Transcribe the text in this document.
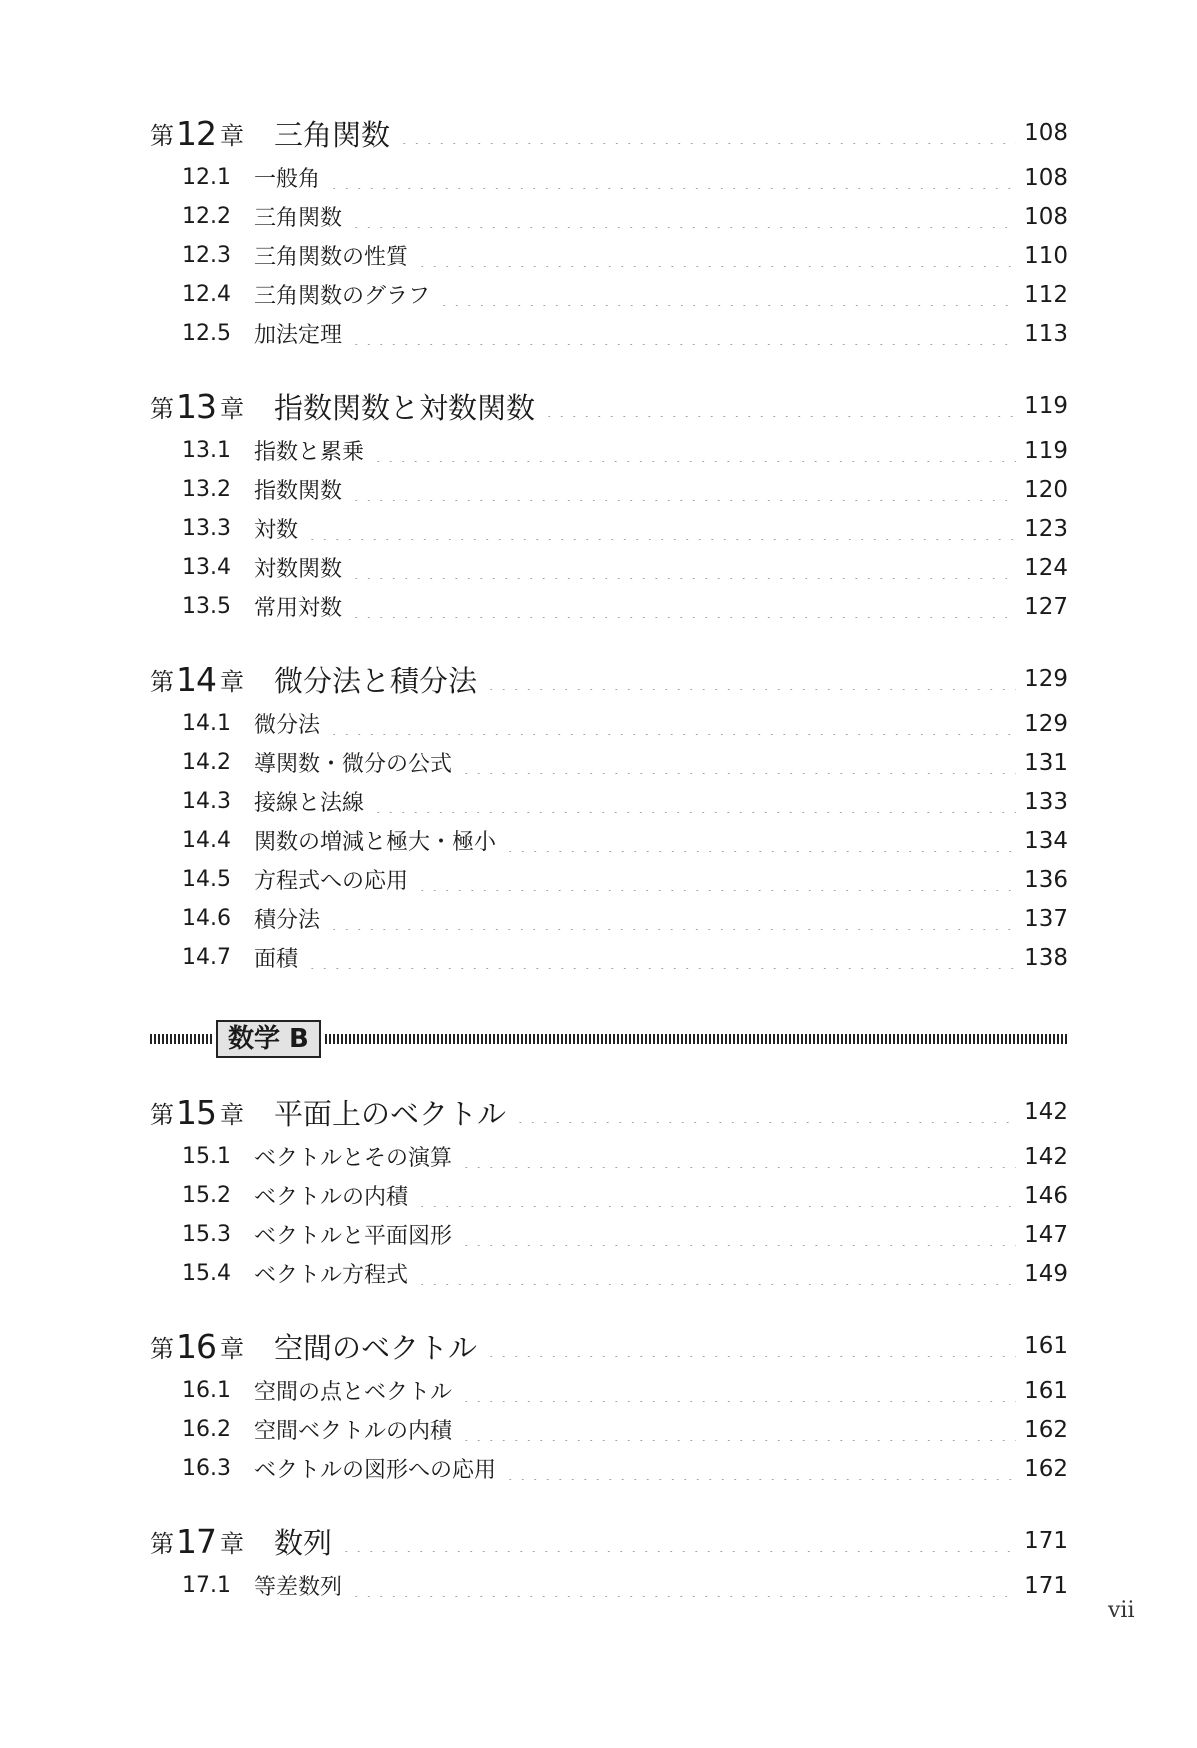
第 12 章 三角関数	108
12.1	一般角	108
12.2	三角関数	108
12.3	三角関数の性質	110
12.4	三角関数のグラフ	112
12.5	加法定理	113
第 13 章 指数関数と対数関数	119
13.1	指数と累乗	119
13.2	指数関数	120
13.3	対数	123
13.4	対数関数	124
13.5	常用対数	127
第 14 章 微分法と積分法	129
14.1	微分法	129
14.2	導関数・微分の公式	131
14.3	接線と法線	133
14.4	関数の増減と極大・極小	134
14.5	方程式への応用	136
14.6	積分法	137
14.7	面積	138
数学 B
第 15 章 平面上のベクトル	142
15.1	ベクトルとその演算	142
15.2	ベクトルの内積	146
15.3	ベクトルと平面図形	147
15.4	ベクトル方程式	149
第 16 章 空間のベクトル	161
16.1	空間の点とベクトル	161
16.2	空間ベクトルの内積	162
16.3	ベクトルの図形への応用	162
第 17 章 数列	171
17.1	等差数列	171
vii
